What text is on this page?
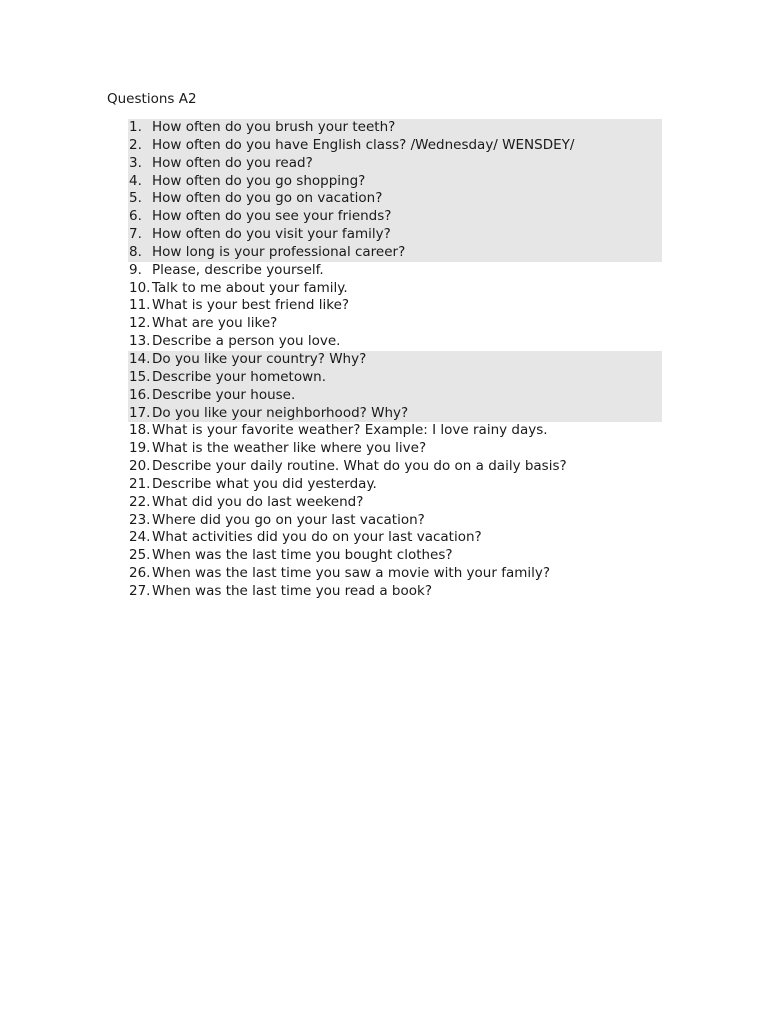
Questions A2
1. How often do you brush your teeth?
2. How often do you have English class? /Wednesday/ WENSDEY/
3. How often do you read?
4. How often do you go shopping?
5. How often do you go on vacation?
6. How often do you see your friends?
7. How often do you visit your family?
8. How long is your professional career?
9. Please, describe yourself.
10. Talk to me about your family.
11. What is your best friend like?
12. What are you like?
13. Describe a person you love.
14. Do you like your country? Why?
15. Describe your hometown.
16. Describe your house.
17. Do you like your neighborhood? Why?
18. What is your favorite weather? Example: I love rainy days.
19. What is the weather like where you live?
20. Describe your daily routine. What do you do on a daily basis?
21. Describe what you did yesterday.
22. What did you do last weekend?
23. Where did you go on your last vacation?
24. What activities did you do on your last vacation?
25. When was the last time you bought clothes?
26. When was the last time you saw a movie with your family?
27. When was the last time you read a book?
